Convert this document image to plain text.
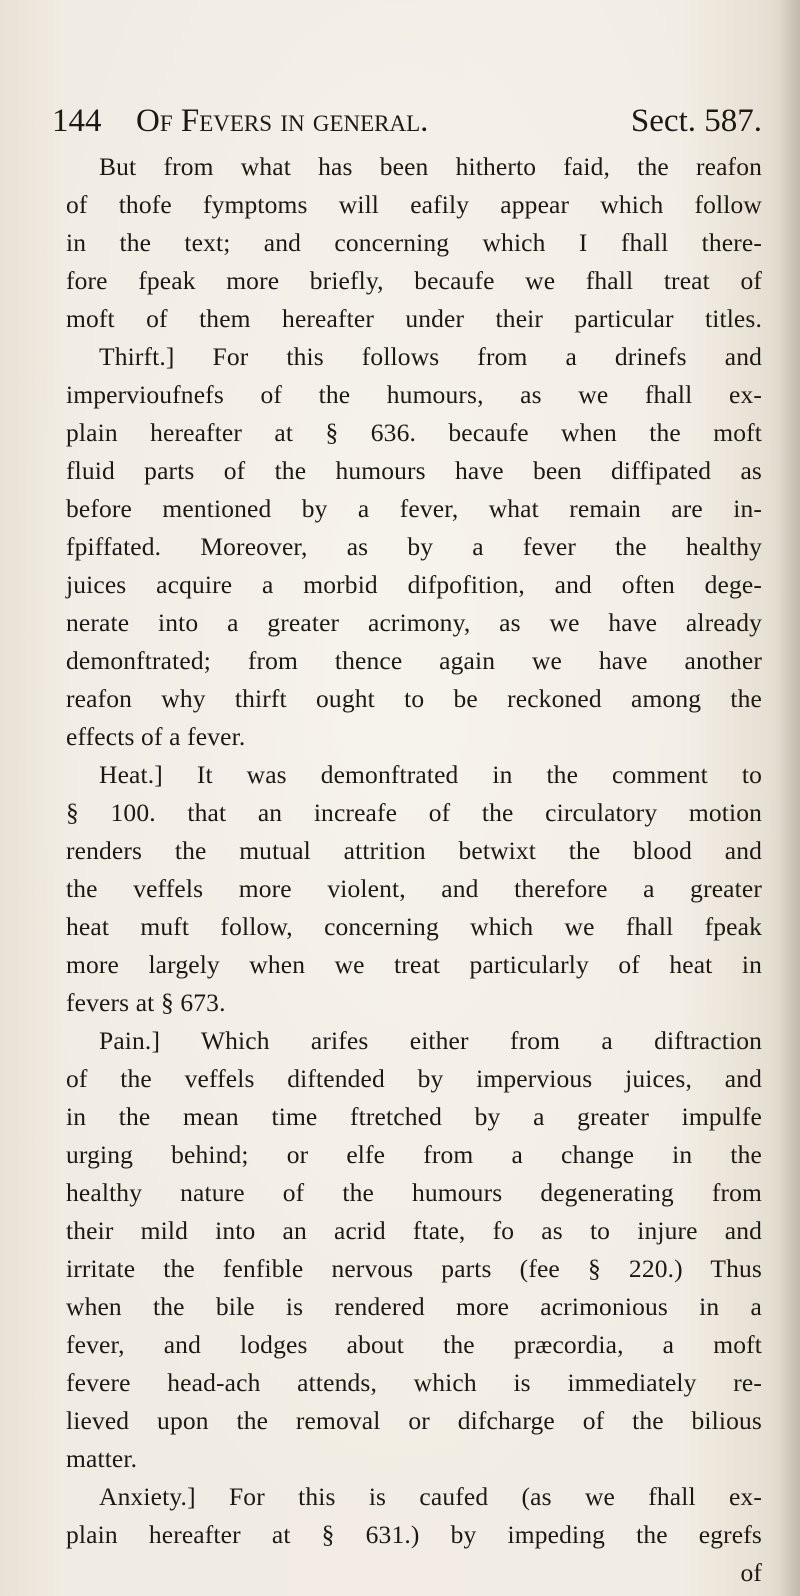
144 Of Fevers in general.	Sect. 587.
But from what has been hitherto faid, the reafon
of thofe fymptoms will eafily appear which follow
in the text; and concerning which I fhall there-
fore fpeak more briefly, becaufe we fhall treat of
moft of them hereafter under their particular titles.
Thirft.] For this follows from a drinefs and
impervioufnefs of the humours, as we fhall ex-
plain hereafter at § 636. becaufe when the moft
fluid parts of the humours have been diffipated as
before mentioned by a fever, what remain are in-
fpiffated. Moreover, as by a fever the healthy
juices acquire a morbid difpofition, and often dege-
nerate into a greater acrimony, as we have already
demonftrated; from thence again we have another
reafon why thirft ought to be reckoned among the
effects of a fever.
Heat.] It was demonftrated in the comment to
§ 100. that an increafe of the circulatory motion
renders the mutual attrition betwixt the blood and
the veffels more violent, and therefore a greater
heat muft follow, concerning which we fhall fpeak
more largely when we treat particularly of heat in
fevers at § 673.
Pain.] Which arifes either from a diftraction
of the veffels diftended by impervious juices, and
in the mean time ftretched by a greater impulfe
urging behind; or elfe from a change in the
healthy nature of the humours degenerating from
their mild into an acrid ftate, fo as to injure and
irritate the fenfible nervous parts (fee § 220.) Thus
when the bile is rendered more acrimonious in a
fever, and lodges about the præcordia, a moft
fevere head-ach attends, which is immediately re-
lieved upon the removal or difcharge of the bilious
matter.
Anxiety.] For this is caufed (as we fhall ex-
plain hereafter at § 631.) by impeding the egrefs
of
